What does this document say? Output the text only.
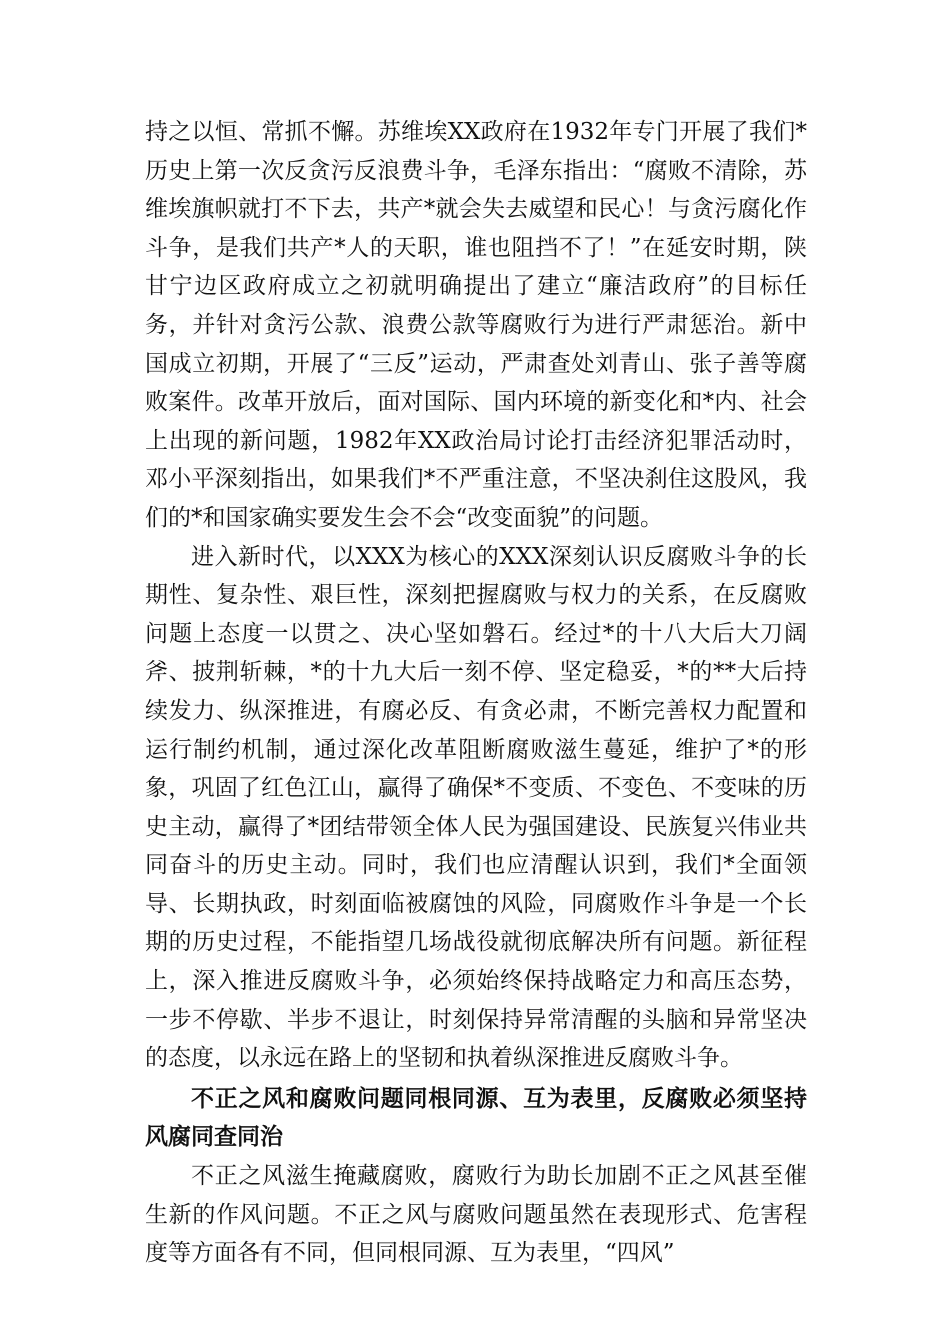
持之以恒、常抓不懈。苏维埃XX政府在1932年专门开展了我们*历史上第一次反贪污反浪费斗争，毛泽东指出：“腐败不清除，苏维埃旗帜就打不下去，共产*就会失去威望和民心！与贪污腐化作斗争，是我们共产*人的天职，谁也阻挡不了！”在延安时期，陕甘宁边区政府成立之初就明确提出了建立“廉洁政府”的目标任务，并针对贪污公款、浪费公款等腐败行为进行严肃惩治。新中国成立初期，开展了“三反”运动，严肃查处刘青山、张子善等腐败案件。改革开放后，面对国际、国内环境的新变化和*内、社会上出现的新问题，1982年XX政治局讨论打击经济犯罪活动时，邓小平深刻指出，如果我们*不严重注意，不坚决刹住这股风，我们的*和国家确实要发生会不会“改变面貌”的问题。

进入新时代，以XXX为核心的XXX深刻认识反腐败斗争的长期性、复杂性、艰巨性，深刻把握腐败与权力的关系，在反腐败问题上态度一以贯之、决心坚如磐石。经过*的十八大后大刀阔斧、披荆斩棘，*的十九大后一刻不停、坚定稳妥，*的**大后持续发力、纵深推进，有腐必反、有贪必肃，不断完善权力配置和运行制约机制，通过深化改革阻断腐败滋生蔓延，维护了*的形象，巩固了红色江山，赢得了确保*不变质、不变色、不变味的历史主动，赢得了*团结带领全体人民为强国建设、民族复兴伟业共同奋斗的历史主动。同时，我们也应清醒认识到，我们*全面领导、长期执政，时刻面临被腐蚀的风险，同腐败作斗争是一个长期的历史过程，不能指望几场战役就彻底解决所有问题。新征程上，深入推进反腐败斗争，必须始终保持战略定力和高压态势，一步不停歇、半步不退让，时刻保持异常清醒的头脑和异常坚决的态度，以永远在路上的坚韧和执着纵深推进反腐败斗争。

不正之风和腐败问题同根同源、互为表里，反腐败必须坚持风腐同查同治

不正之风滋生掩藏腐败，腐败行为助长加剧不正之风甚至催生新的作风问题。不正之风与腐败问题虽然在表现形式、危害程度等方面各有不同，但同根同源、互为表里，“四风”
